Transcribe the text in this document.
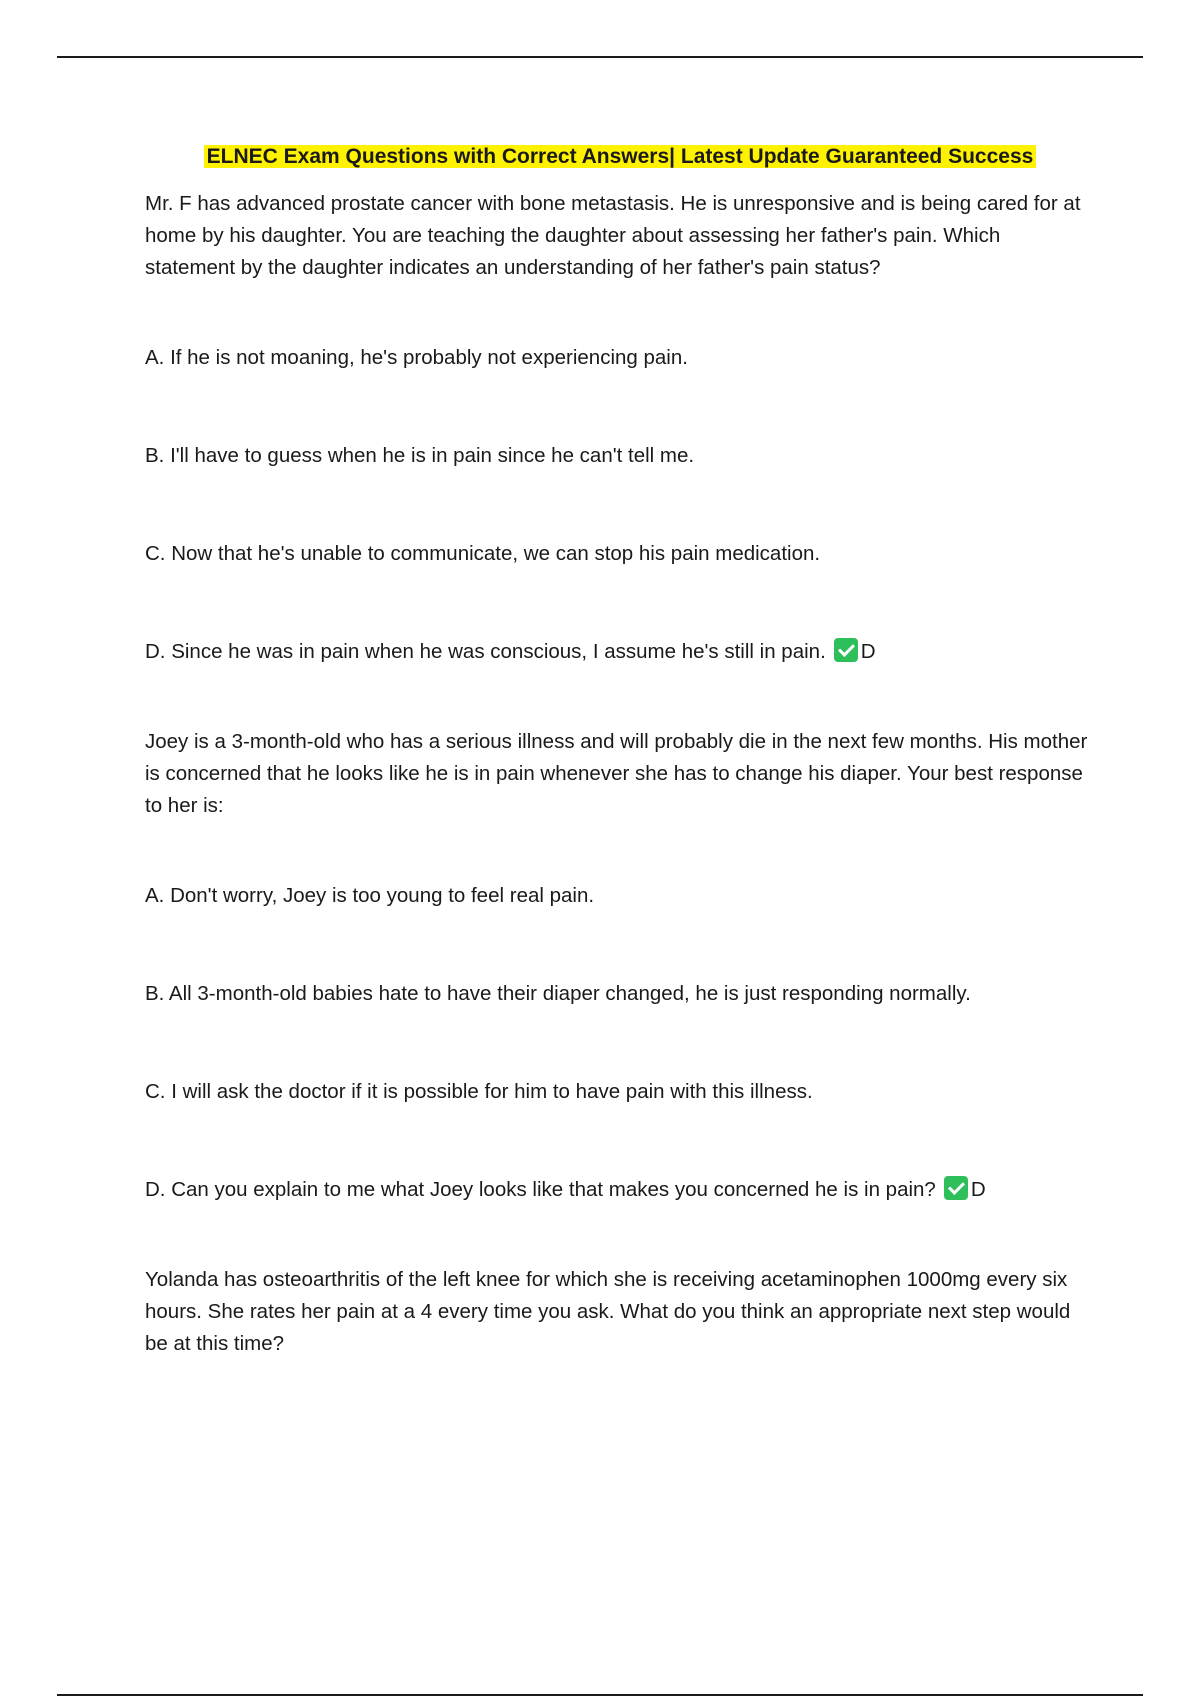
ELNEC Exam Questions with Correct Answers| Latest Update Guaranteed Success

Mr. F has advanced prostate cancer with bone metastasis. He is unresponsive and is being cared for at home by his daughter. You are teaching the daughter about assessing her father's pain. Which statement by the daughter indicates an understanding of her father's pain status?

A. If he is not moaning, he's probably not experiencing pain.

B. I'll have to guess when he is in pain since he can't tell me.

C. Now that he's unable to communicate, we can stop his pain medication.

D. Since he was in pain when he was conscious, I assume he's still in pain. D

Joey is a 3-month-old who has a serious illness and will probably die in the next few months. His mother is concerned that he looks like he is in pain whenever she has to change his diaper. Your best response to her is:

A. Don't worry, Joey is too young to feel real pain.

B. All 3-month-old babies hate to have their diaper changed, he is just responding normally.

C. I will ask the doctor if it is possible for him to have pain with this illness.

D. Can you explain to me what Joey looks like that makes you concerned he is in pain? D

Yolanda has osteoarthritis of the left knee for which she is receiving acetaminophen 1000mg every six hours. She rates her pain at a 4 every time you ask. What do you think an appropriate next step would be at this time?
